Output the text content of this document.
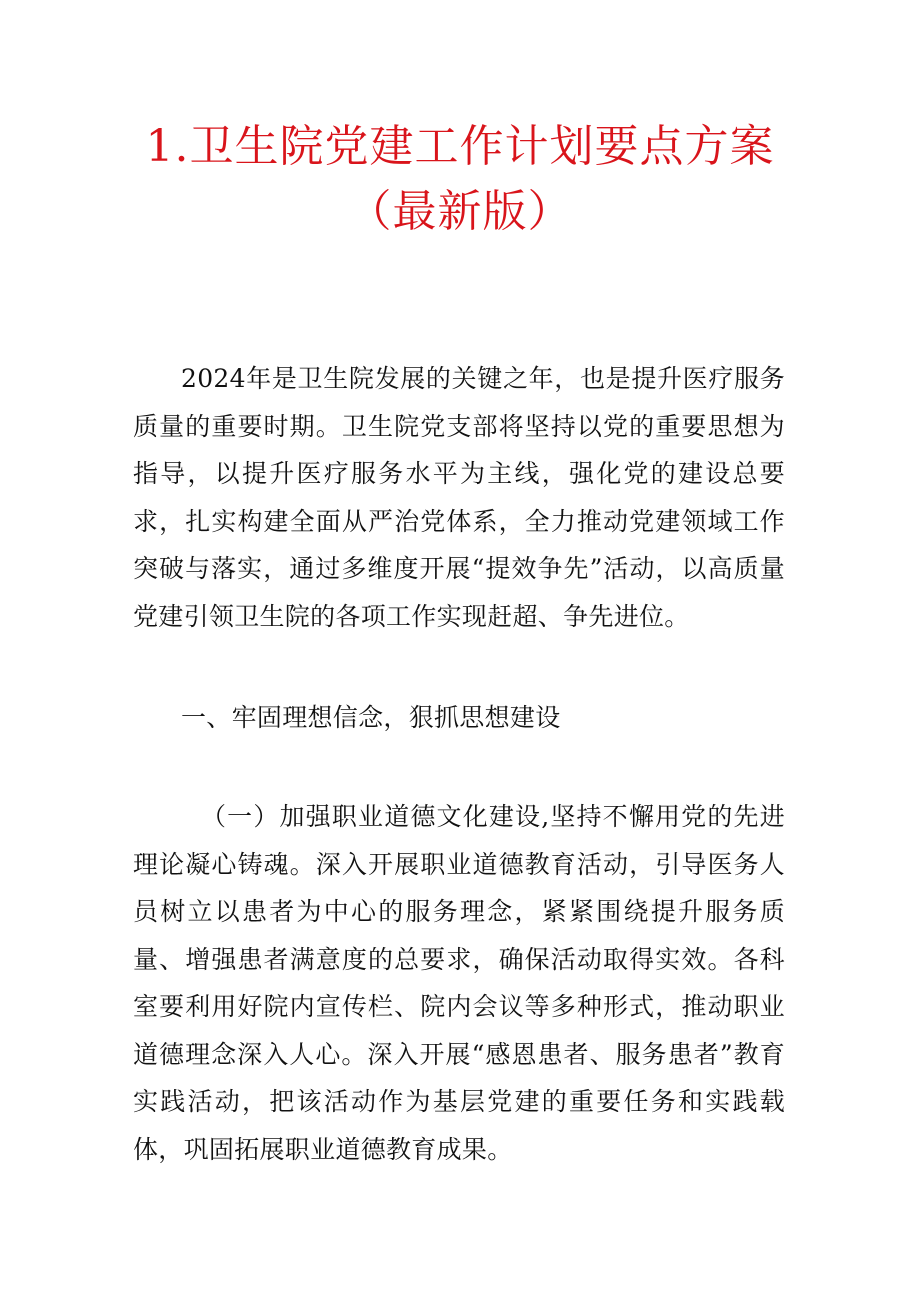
1.卫生院党建工作计划要点方案
（最新版）

2024年是卫生院发展的关键之年，也是提升医疗服务质量的重要时期。卫生院党支部将坚持以党的重要思想为指导，以提升医疗服务水平为主线，强化党的建设总要求，扎实构建全面从严治党体系，全力推动党建领域工作突破与落实，通过多维度开展“提效争先”活动，以高质量党建引领卫生院的各项工作实现赶超、争先进位。

一、牢固理想信念，狠抓思想建设

（一）加强职业道德文化建设,坚持不懈用党的先进理论凝心铸魂。深入开展职业道德教育活动，引导医务人员树立以患者为中心的服务理念，紧紧围绕提升服务质量、增强患者满意度的总要求，确保活动取得实效。各科室要利用好院内宣传栏、院内会议等多种形式，推动职业道德理念深入人心。深入开展“感恩患者、服务患者”教育实践活动，把该活动作为基层党建的重要任务和实践载体，巩固拓展职业道德教育成果。
